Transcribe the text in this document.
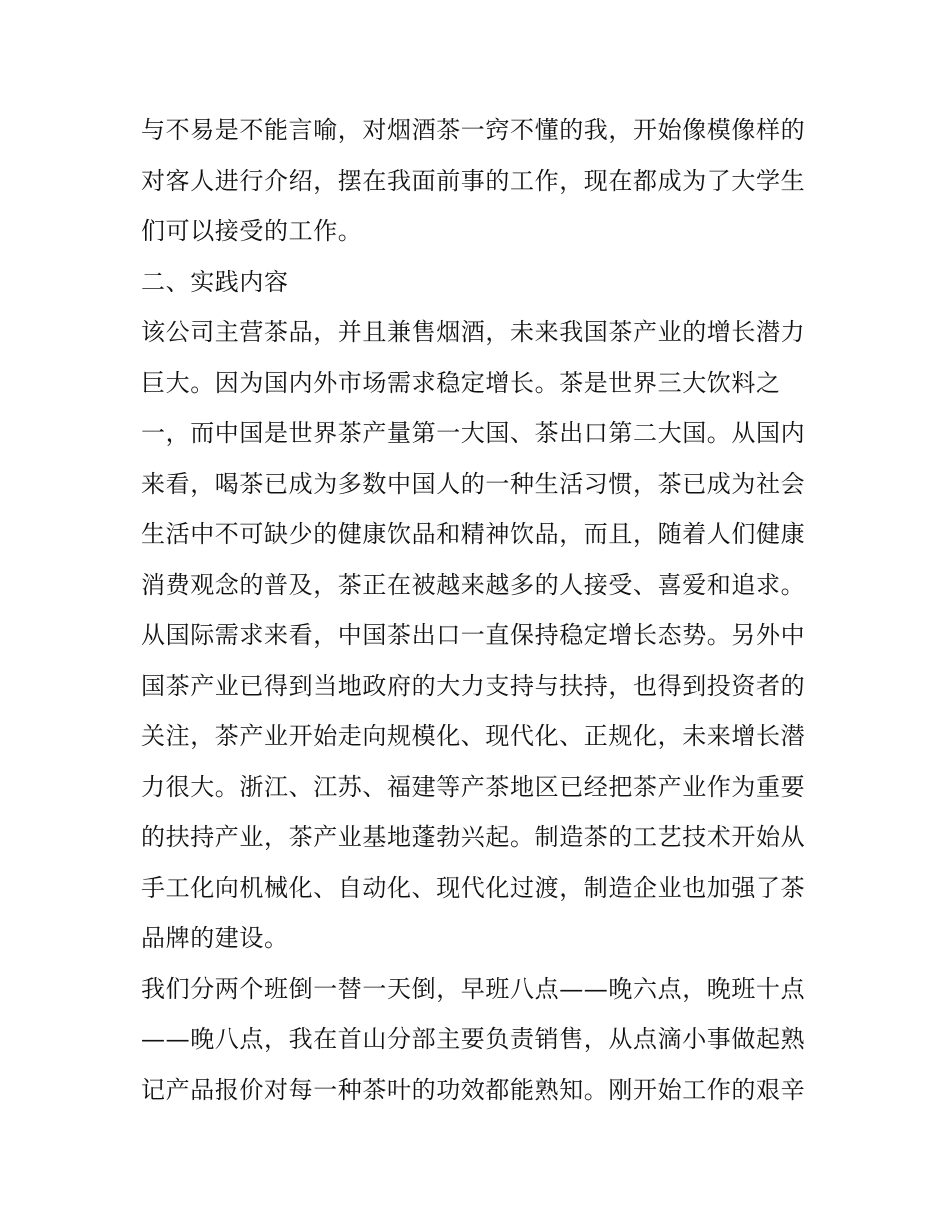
与不易是不能言喻，对烟酒茶一窍不懂的我，开始像模像样的
对客人进行介绍，摆在我面前事的工作，现在都成为了大学生
们可以接受的工作。
二、实践内容
该公司主营茶品，并且兼售烟酒，未来我国茶产业的增长潜力
巨大。因为国内外市场需求稳定增长。茶是世界三大饮料之
一，而中国是世界茶产量第一大国、茶出口第二大国。从国内
来看，喝茶已成为多数中国人的一种生活习惯，茶已成为社会
生活中不可缺少的健康饮品和精神饮品，而且，随着人们健康
消费观念的普及，茶正在被越来越多的人接受、喜爱和追求。
从国际需求来看，中国茶出口一直保持稳定增长态势。另外中
国茶产业已得到当地政府的大力支持与扶持，也得到投资者的
关注，茶产业开始走向规模化、现代化、正规化，未来增长潜
力很大。浙江、江苏、福建等产茶地区已经把茶产业作为重要
的扶持产业，茶产业基地蓬勃兴起。制造茶的工艺技术开始从
手工化向机械化、自动化、现代化过渡，制造企业也加强了茶
品牌的建设。
我们分两个班倒一替一天倒，早班八点——晚六点，晚班十点
——晚八点，我在首山分部主要负责销售，从点滴小事做起熟
记产品报价对每一种茶叶的功效都能熟知。刚开始工作的艰辛
